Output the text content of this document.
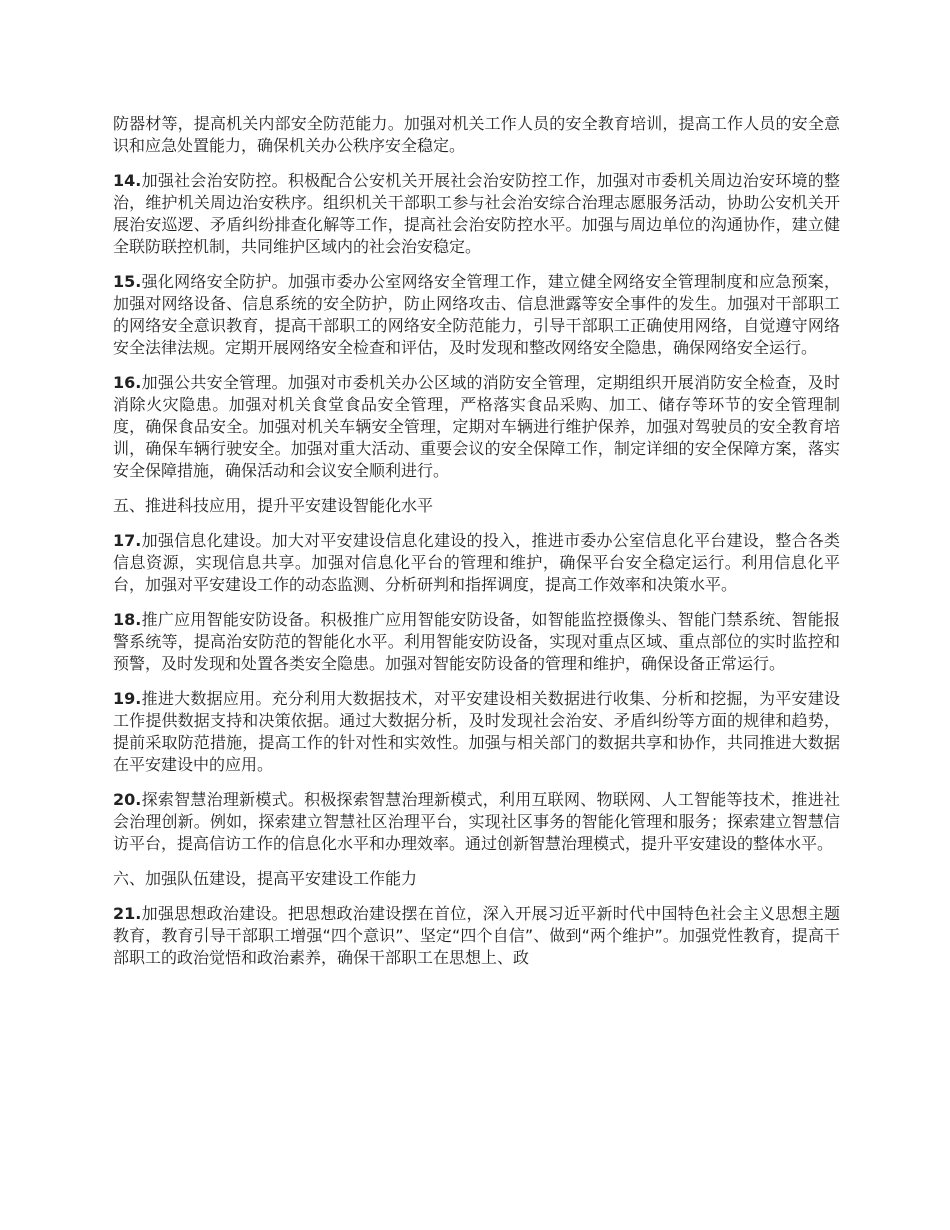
防器材等，提高机关内部安全防范能力。加强对机关工作人员的安全教育培训，提高工作人员的安全意识和应急处置能力，确保机关办公秩序安全稳定。

14.加强社会治安防控。积极配合公安机关开展社会治安防控工作，加强对市委机关周边治安环境的整治，维护机关周边治安秩序。组织机关干部职工参与社会治安综合治理志愿服务活动，协助公安机关开展治安巡逻、矛盾纠纷排查化解等工作，提高社会治安防控水平。加强与周边单位的沟通协作，建立健全联防联控机制，共同维护区域内的社会治安稳定。

15.强化网络安全防护。加强市委办公室网络安全管理工作，建立健全网络安全管理制度和应急预案，加强对网络设备、信息系统的安全防护，防止网络攻击、信息泄露等安全事件的发生。加强对干部职工的网络安全意识教育，提高干部职工的网络安全防范能力，引导干部职工正确使用网络，自觉遵守网络安全法律法规。定期开展网络安全检查和评估，及时发现和整改网络安全隐患，确保网络安全运行。

16.加强公共安全管理。加强对市委机关办公区域的消防安全管理，定期组织开展消防安全检查，及时消除火灾隐患。加强对机关食堂食品安全管理，严格落实食品采购、加工、储存等环节的安全管理制度，确保食品安全。加强对机关车辆安全管理，定期对车辆进行维护保养，加强对驾驶员的安全教育培训，确保车辆行驶安全。加强对重大活动、重要会议的安全保障工作，制定详细的安全保障方案，落实安全保障措施，确保活动和会议安全顺利进行。

五、推进科技应用，提升平安建设智能化水平

17.加强信息化建设。加大对平安建设信息化建设的投入，推进市委办公室信息化平台建设，整合各类信息资源，实现信息共享。加强对信息化平台的管理和维护，确保平台安全稳定运行。利用信息化平台，加强对平安建设工作的动态监测、分析研判和指挥调度，提高工作效率和决策水平。

18.推广应用智能安防设备。积极推广应用智能安防设备，如智能监控摄像头、智能门禁系统、智能报警系统等，提高治安防范的智能化水平。利用智能安防设备，实现对重点区域、重点部位的实时监控和预警，及时发现和处置各类安全隐患。加强对智能安防设备的管理和维护，确保设备正常运行。

19.推进大数据应用。充分利用大数据技术，对平安建设相关数据进行收集、分析和挖掘，为平安建设工作提供数据支持和决策依据。通过大数据分析，及时发现社会治安、矛盾纠纷等方面的规律和趋势，提前采取防范措施，提高工作的针对性和实效性。加强与相关部门的数据共享和协作，共同推进大数据在平安建设中的应用。

20.探索智慧治理新模式。积极探索智慧治理新模式，利用互联网、物联网、人工智能等技术，推进社会治理创新。例如，探索建立智慧社区治理平台，实现社区事务的智能化管理和服务；探索建立智慧信访平台，提高信访工作的信息化水平和办理效率。通过创新智慧治理模式，提升平安建设的整体水平。

六、加强队伍建设，提高平安建设工作能力

21.加强思想政治建设。把思想政治建设摆在首位，深入开展习近平新时代中国特色社会主义思想主题教育，教育引导干部职工增强“四个意识”、坚定“四个自信”、做到“两个维护”。加强党性教育，提高干部职工的政治觉悟和政治素养，确保干部职工在思想上、政
